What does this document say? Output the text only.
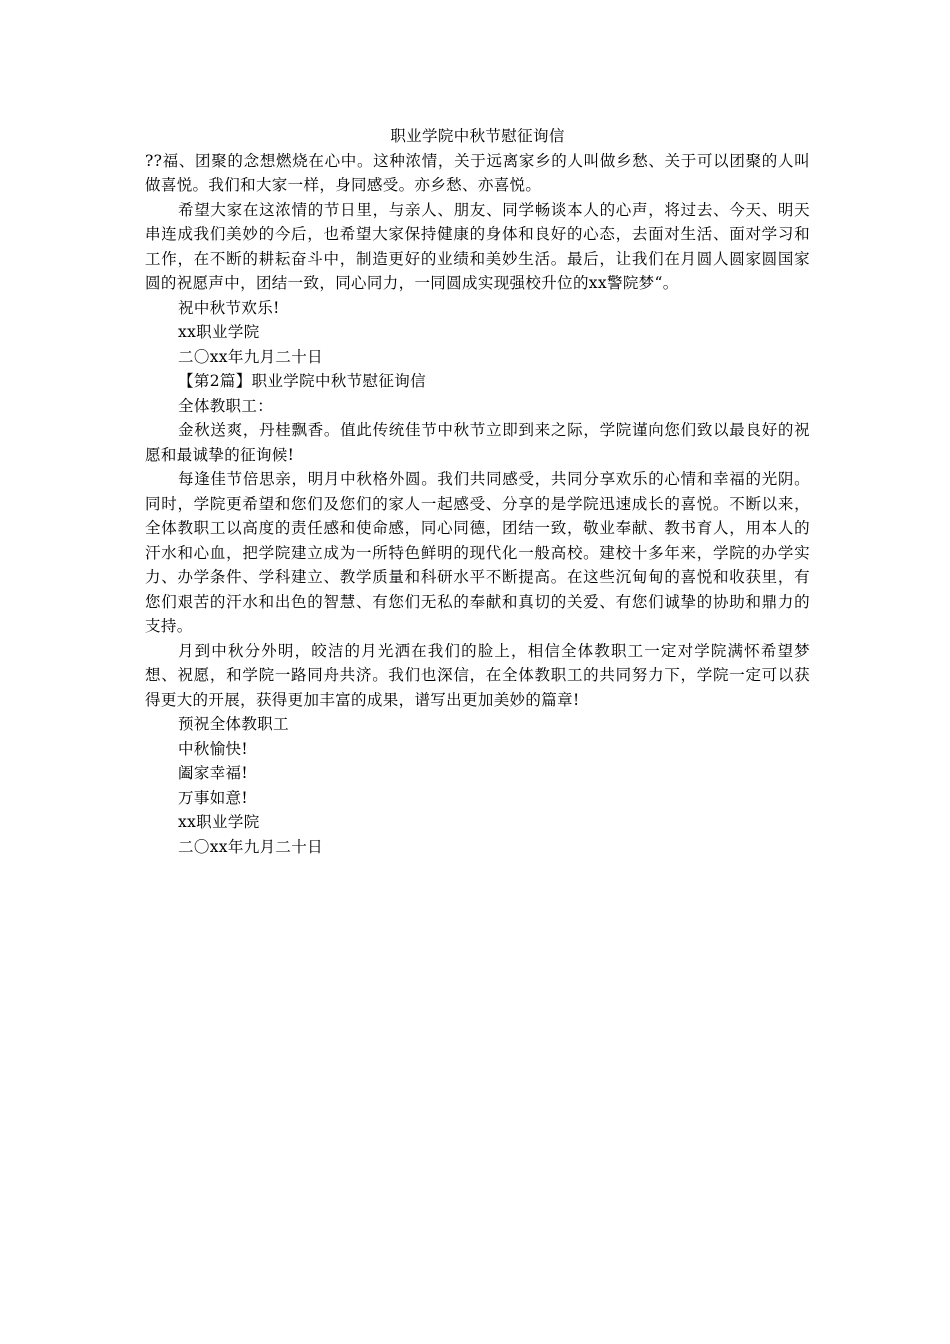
职业学院中秋节慰征询信

??福、团聚的念想燃烧在心中。这种浓情，关于远离家乡的人叫做乡愁、关于可以团聚的人叫做喜悦。我们和大家一样，身同感受。亦乡愁、亦喜悦。

希望大家在这浓情的节日里，与亲人、朋友、同学畅谈本人的心声，将过去、今天、明天串连成我们美妙的今后，也希望大家保持健康的身体和良好的心态，去面对生活、面对学习和工作，在不断的耕耘奋斗中，制造更好的业绩和美妙生活。最后，让我们在月圆人圆家圆国家圆的祝愿声中，团结一致，同心同力，一同圆成实现强校升位的xx警院梦“。

祝中秋节欢乐!

xx职业学院

二〇xx年九月二十日

【第2篇】职业学院中秋节慰征询信

全体教职工：

金秋送爽，丹桂飘香。值此传统佳节中秋节立即到来之际，学院谨向您们致以最良好的祝愿和最诚挚的征询候!

每逢佳节倍思亲，明月中秋格外圆。我们共同感受，共同分享欢乐的心情和幸福的光阴。同时，学院更希望和您们及您们的家人一起感受、分享的是学院迅速成长的喜悦。不断以来，全体教职工以高度的责任感和使命感，同心同德，团结一致，敬业奉献、教书育人，用本人的汗水和心血，把学院建立成为一所特色鲜明的现代化一般高校。建校十多年来，学院的办学实力、办学条件、学科建立、教学质量和科研水平不断提高。在这些沉甸甸的喜悦和收获里，有您们艰苦的汗水和出色的智慧、有您们无私的奉献和真切的关爱、有您们诚挚的协助和鼎力的支持。

月到中秋分外明，皎洁的月光洒在我们的脸上，相信全体教职工一定对学院满怀希望梦想、祝愿，和学院一路同舟共济。我们也深信，在全体教职工的共同努力下，学院一定可以获得更大的开展，获得更加丰富的成果，谱写出更加美妙的篇章!

预祝全体教职工

中秋愉快!

阖家幸福!

万事如意!

xx职业学院

二〇xx年九月二十日
